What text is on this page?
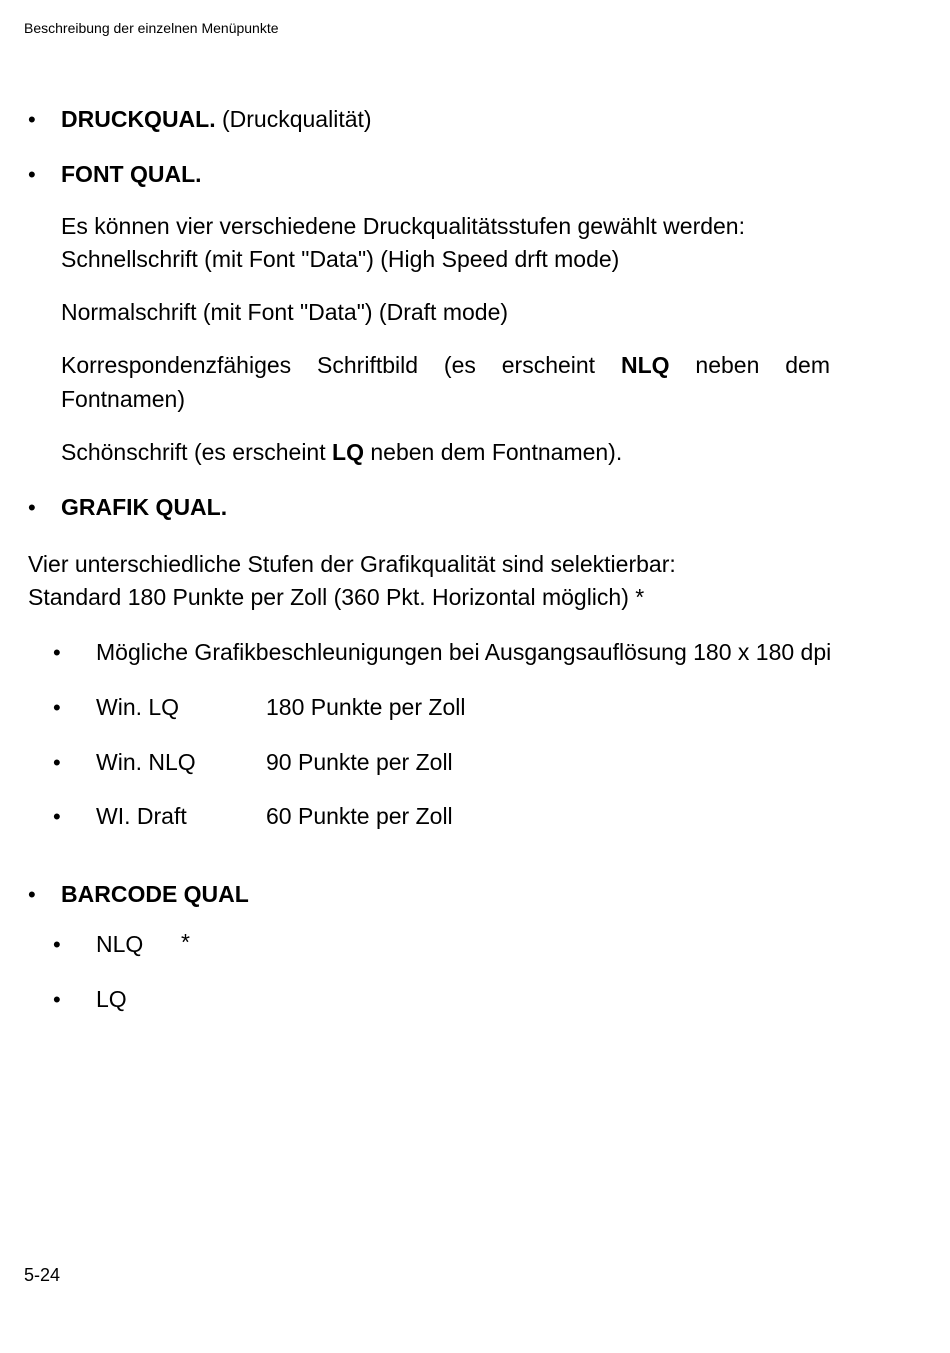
Beschreibung der einzelnen Menüpunkte
• DRUCKQUAL. (Druckqualität)
• FONT QUAL.
Es können vier verschiedene Druckqualitätsstufen gewählt werden:
Schnellschrift (mit Font "Data") (High Speed drft mode)
Normalschrift (mit Font "Data") (Draft mode)
Korrespondenzfähiges Schriftbild (es erscheint NLQ neben dem
Fontnamen)
Schönschrift (es erscheint LQ neben dem Fontnamen).
• GRAFIK QUAL.
Vier unterschiedliche Stufen der Grafikqualität sind selektierbar:
Standard 180 Punkte per Zoll (360 Pkt. Horizontal möglich) *
• Mögliche Grafikbeschleunigungen bei Ausgangsauflösung 180 x 180 dpi
• Win. LQ	180 Punkte per Zoll
• Win. NLQ	90 Punkte per Zoll
• WI. Draft	60 Punkte per Zoll
• BARCODE QUAL
• NLQ *
• LQ
5-24
